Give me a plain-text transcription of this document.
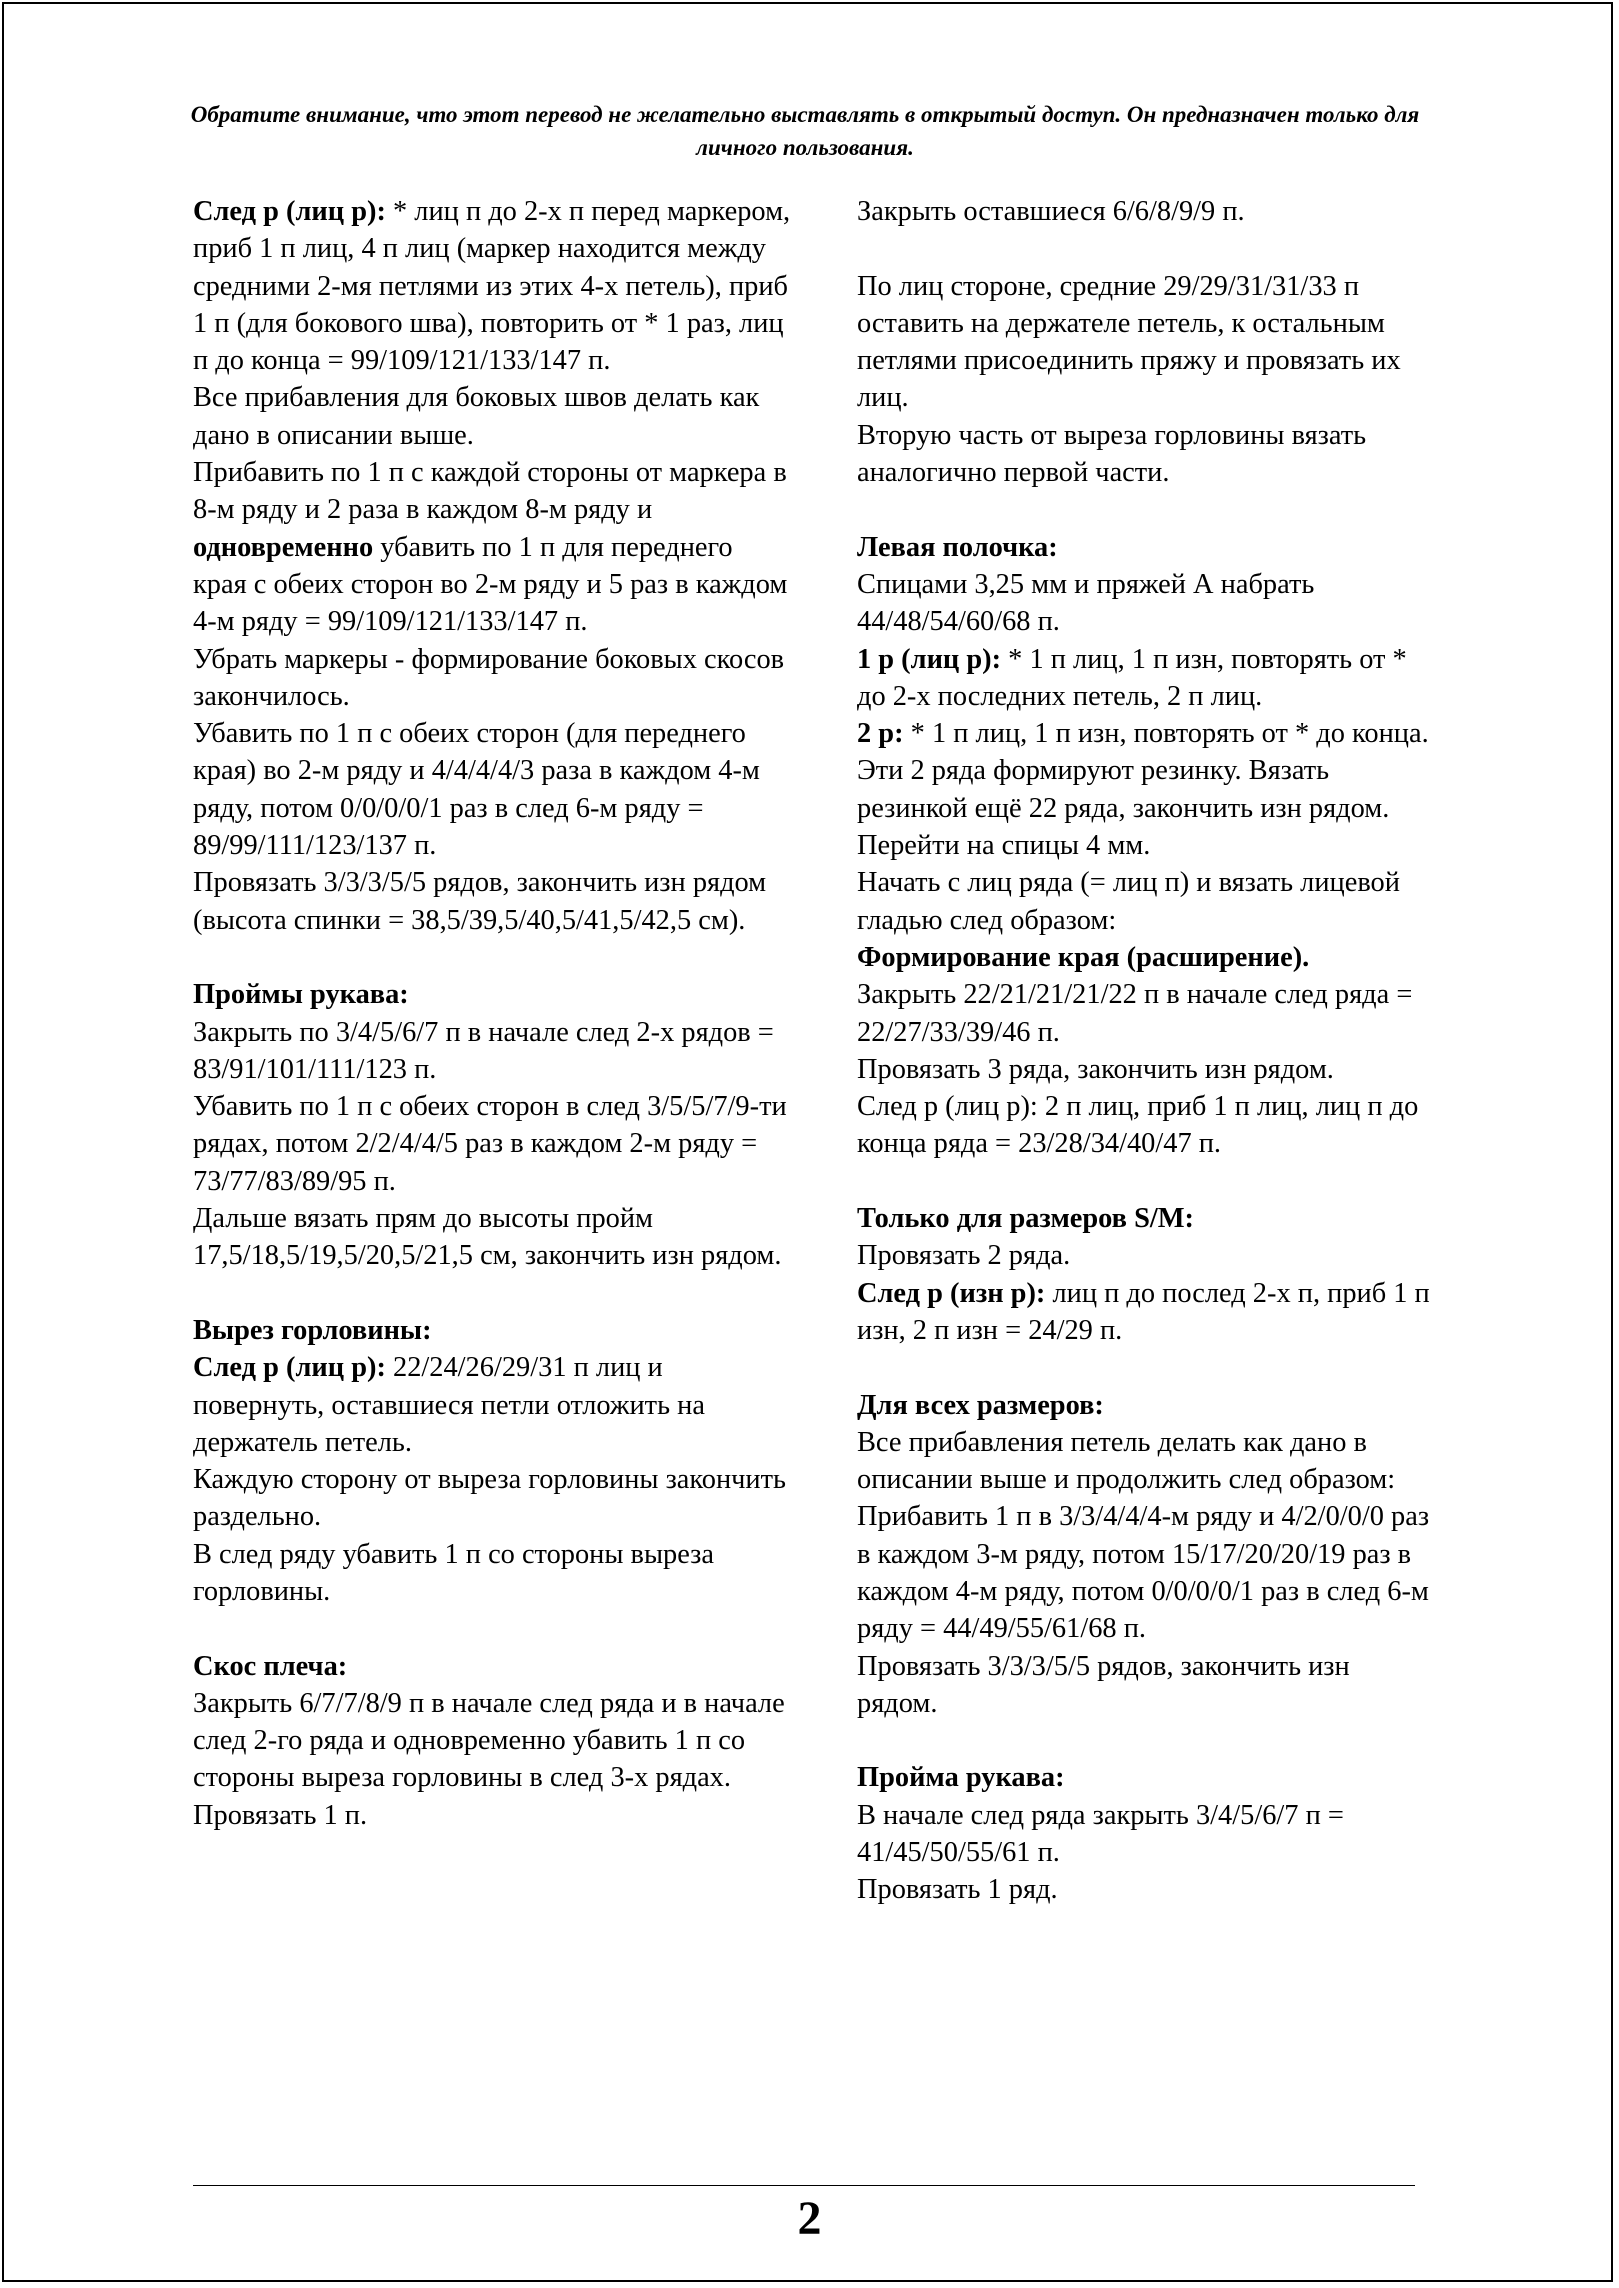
Обратите внимание, что этот перевод не желательно выставлять в открытый доступ. Он предназначен только для личного пользования.

След р (лиц р): * лиц п до 2-х п перед маркером, приб 1 п лиц, 4 п лиц (маркер находится между средними 2-мя петлями из этих 4-х петель), приб 1 п (для бокового шва), повторить от * 1 раз, лиц п до конца = 99/109/121/133/147 п.

Все прибавления для боковых швов делать как дано в описании выше.

Прибавить по 1 п с каждой стороны от маркера в 8-м ряду и 2 раза в каждом 8-м ряду и одновременно убавить по 1 п для переднего края с обеих сторон во 2-м ряду и 5 раз в каждом 4-м ряду = 99/109/121/133/147 п.

Убрать маркеры - формирование боковых скосов закончилось.

Убавить по 1 п с обеих сторон (для переднего края) во 2-м ряду и 4/4/4/4/3 раза в каждом 4-м ряду, потом 0/0/0/0/1 раз в след 6-м ряду = 89/99/111/123/137 п.

Провязать 3/3/3/5/5 рядов, закончить изн рядом (высота спинки = 38,5/39,5/40,5/41,5/42,5 см).

Проймы рукава:

Закрыть по 3/4/5/6/7 п в начале след 2-х рядов = 83/91/101/111/123 п.

Убавить по 1 п с обеих сторон в след 3/5/5/7/9-ти рядах, потом 2/2/4/4/5 раз в каждом 2-м ряду = 73/77/83/89/95 п.

Дальше вязать прям до высоты пройм 17,5/18,5/19,5/20,5/21,5 см, закончить изн рядом.

Вырез горловины:

След р (лиц р): 22/24/26/29/31 п лиц и повернуть, оставшиеся петли отложить на держатель петель.

Каждую сторону от выреза горловины закончить раздельно.

В след ряду убавить 1 п со стороны выреза горловины.

Скос плеча:

Закрыть 6/7/7/8/9 п в начале след ряда и в начале след 2-го ряда и одновременно убавить 1 п со стороны выреза горловины в след 3-х рядах.

Провязать 1 п.

Закрыть оставшиеся 6/6/8/9/9 п.

По лиц стороне, средние 29/29/31/31/33 п оставить на держателе петель, к остальным петлями присоединить пряжу и провязать их лиц.

Вторую часть от выреза горловины вязать аналогично первой части.

Левая полочка:

Спицами 3,25 мм и пряжей А набрать 44/48/54/60/68 п.

1 р (лиц р): * 1 п лиц, 1 п изн, повторять от * до 2-х последних петель, 2 п лиц.

2 р: * 1 п лиц, 1 п изн, повторять от * до конца.

Эти 2 ряда формируют резинку. Вязать резинкой ещё 22 ряда, закончить изн рядом.

Перейти на спицы 4 мм.

Начать с лиц ряда (= лиц п) и вязать лицевой гладью след образом:

Формирование края (расширение).

Закрыть 22/21/21/21/22 п в начале след ряда = 22/27/33/39/46 п.

Провязать 3 ряда, закончить изн рядом.

След р (лиц р): 2 п лиц, приб 1 п лиц, лиц п до конца ряда = 23/28/34/40/47 п.

Только для размеров S/M:

Провязать 2 ряда.

След р (изн р): лиц п до послед 2-х п, приб 1 п изн, 2 п изн = 24/29 п.

Для всех размеров:

Все прибавления петель делать как дано в описании выше и продолжить след образом:

Прибавить 1 п в 3/3/4/4/4-м ряду и 4/2/0/0/0 раз в каждом 3-м ряду, потом 15/17/20/20/19 раз в каждом 4-м ряду, потом 0/0/0/0/1 раз в след 6-м ряду = 44/49/55/61/68 п.

Провязать 3/3/3/5/5 рядов, закончить изн рядом.

Пройма рукава:

В начале след ряда закрыть 3/4/5/6/7 п = 41/45/50/55/61 п.

Провязать 1 ряд.

2
